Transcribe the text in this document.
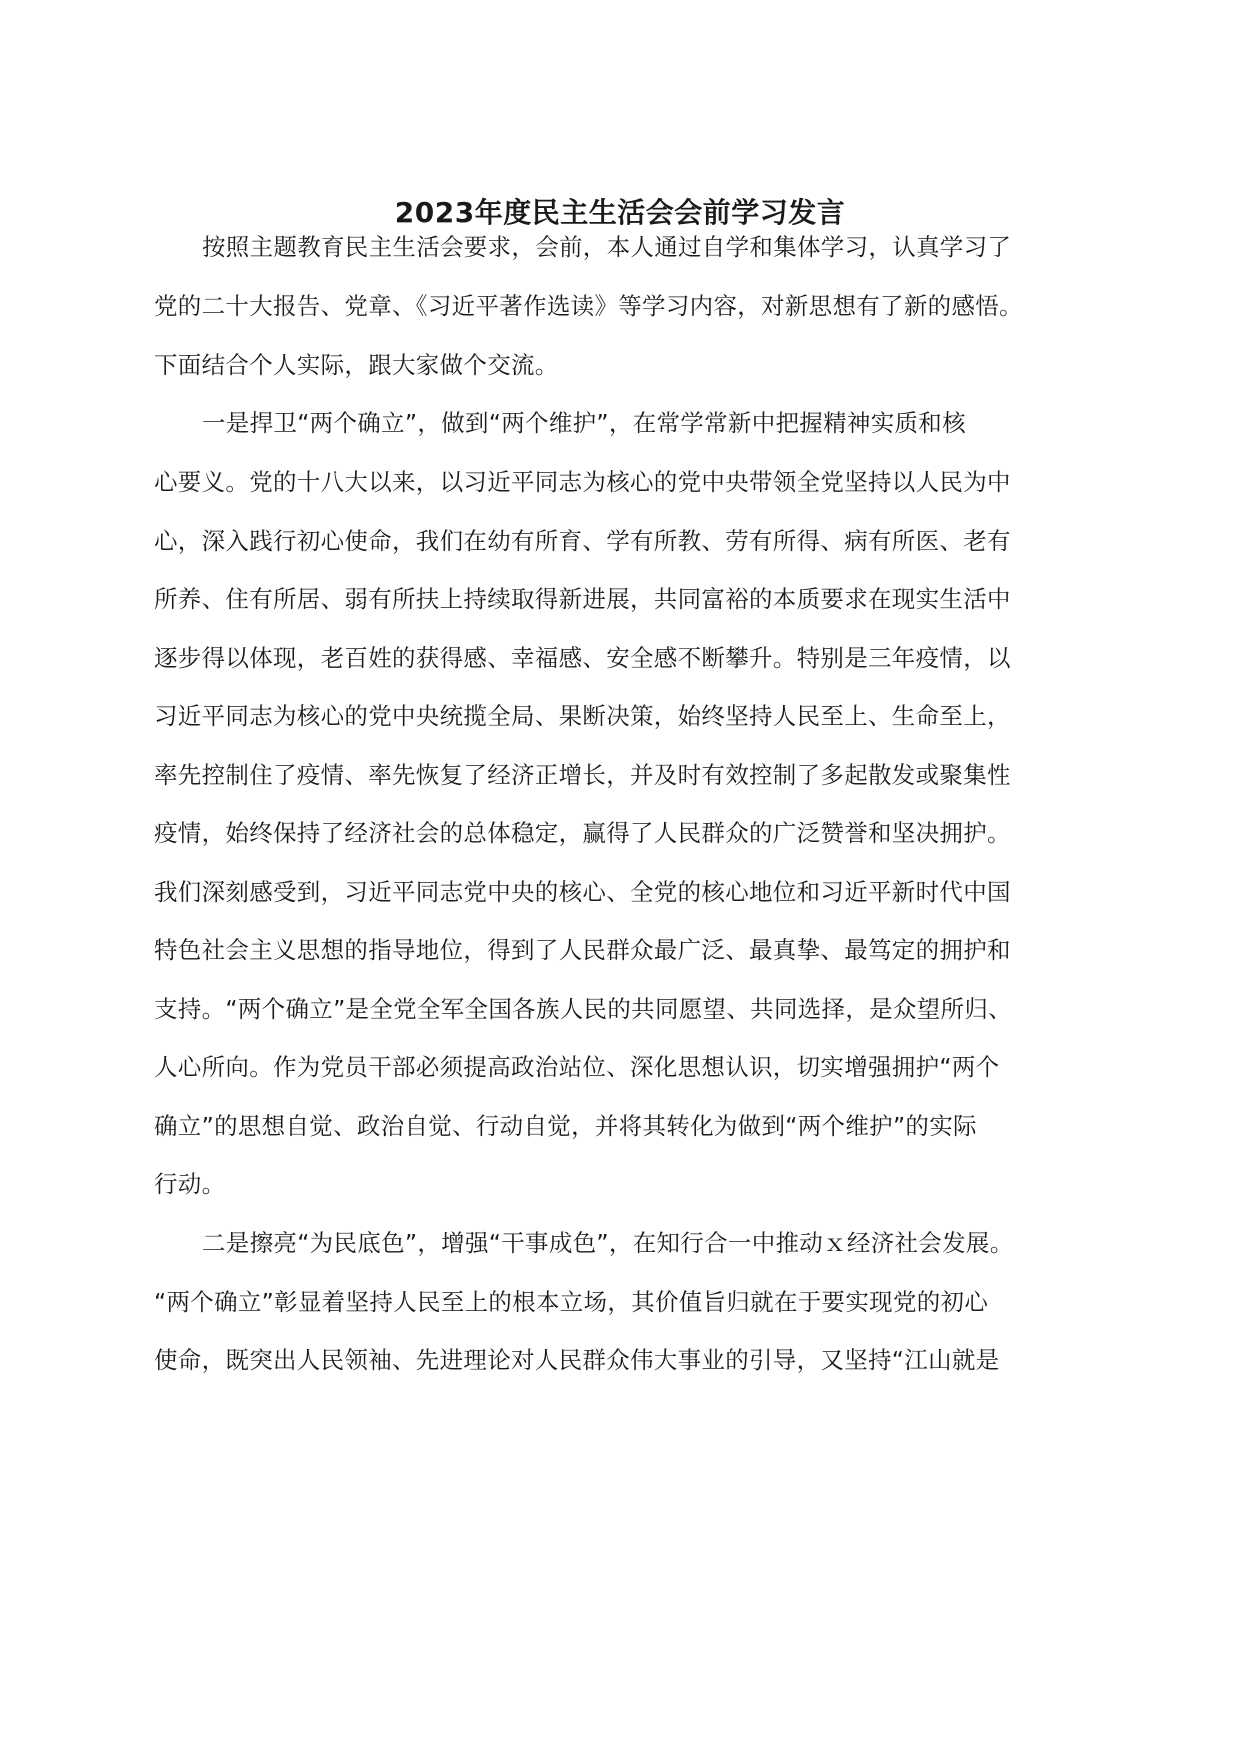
2023年度民主生活会会前学习发言
按照主题教育民主生活会要求，会前，本人通过自学和集体学习，认真学习了
党的二十大报告、党章、《习近平著作选读》等学习内容，对新思想有了新的感悟。
下面结合个人实际，跟大家做个交流。
一是捍卫“两个确立”，做到“两个维护”，在常学常新中把握精神实质和核
心要义。党的十八大以来，以习近平同志为核心的党中央带领全党坚持以人民为中
心，深入践行初心使命，我们在幼有所育、学有所教、劳有所得、病有所医、老有
所养、住有所居、弱有所扶上持续取得新进展，共同富裕的本质要求在现实生活中
逐步得以体现，老百姓的获得感、幸福感、安全感不断攀升。特别是三年疫情，以
习近平同志为核心的党中央统揽全局、果断决策，始终坚持人民至上、生命至上，
率先控制住了疫情、率先恢复了经济正增长，并及时有效控制了多起散发或聚集性
疫情，始终保持了经济社会的总体稳定，赢得了人民群众的广泛赞誉和坚决拥护。
我们深刻感受到，习近平同志党中央的核心、全党的核心地位和习近平新时代中国
特色社会主义思想的指导地位，得到了人民群众最广泛、最真挚、最笃定的拥护和
支持。“两个确立”是全党全军全国各族人民的共同愿望、共同选择，是众望所归、
人心所向。作为党员干部必须提高政治站位、深化思想认识，切实增强拥护“两个
确立”的思想自觉、政治自觉、行动自觉，并将其转化为做到“两个维护”的实际
行动。
二是擦亮“为民底色”，增强“干事成色”，在知行合一中推动ｘ经济社会发展。
“两个确立”彰显着坚持人民至上的根本立场，其价值旨归就在于要实现党的初心
使命，既突出人民领袖、先进理论对人民群众伟大事业的引导，又坚持“江山就是
